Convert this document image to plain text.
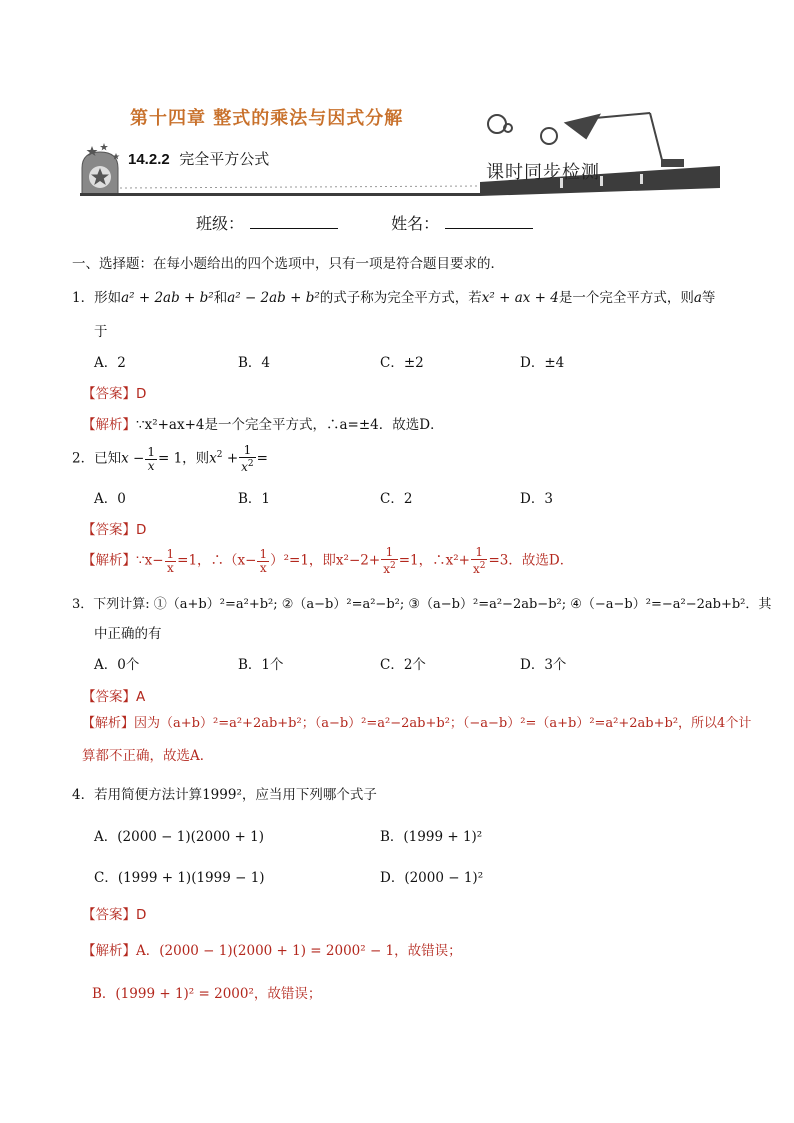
第十四章 整式的乘法与因式分解
14.2.2 完全平方公式
课时同步检测
班级：	姓名：
一、选择题：在每小题给出的四个选项中，只有一项是符合题目要求的．
1．形如a² + 2ab + b²和a² − 2ab + b²的式子称为完全平方式，若x² + ax + 4是一个完全平方式，则a等
于
A．2	B．4	C．±2	D．±4
【答案】D
【解析】∵x²+ax+4是一个完全平方式，∴a=±4．故选D．
2．已知$x - \frac{1}{x} = 1$，则$x^2 + \frac{1}{x^2}$ =
A．0	B．1	C．2	D．3
【答案】D
【解析】∵x− $\frac{1}{x} =1$，∴（x− $\frac{1}{x} )^2=1$，即$x^2-2+ \frac{1}{x^2} =1$，∴x²+ $\frac{1}{x^2} =3$．故选D．
3．下列计算: ①（a+b）²=a²+b²; ②（a−b）²=a²−b²; ③（a−b）²=a²−2ab−b²; ④（−a−b）²=−a²−2ab+b²．其
中正确的有
A．0个	B．1个	C．2个	D．3个
【答案】A
【解析】因为（a+b）²=a²+2ab+b²；（a−b）²=a²−2ab+b²；（−a−b）²=（a+b）²=a²+2ab+b²，所以4个计
算都不正确，故选A．
4．若用简便方法计算1999²，应当用下列哪个式子
A．(2000 − 1)(2000 + 1)	B．(1999 + 1)²
C．(1999 + 1)(1999 − 1)	D．(2000 − 1)²
【答案】D
【解析】A．(2000 − 1)(2000 + 1) = 2000² − 1，故错误；
B．(1999 + 1)² = 2000²，故错误；
